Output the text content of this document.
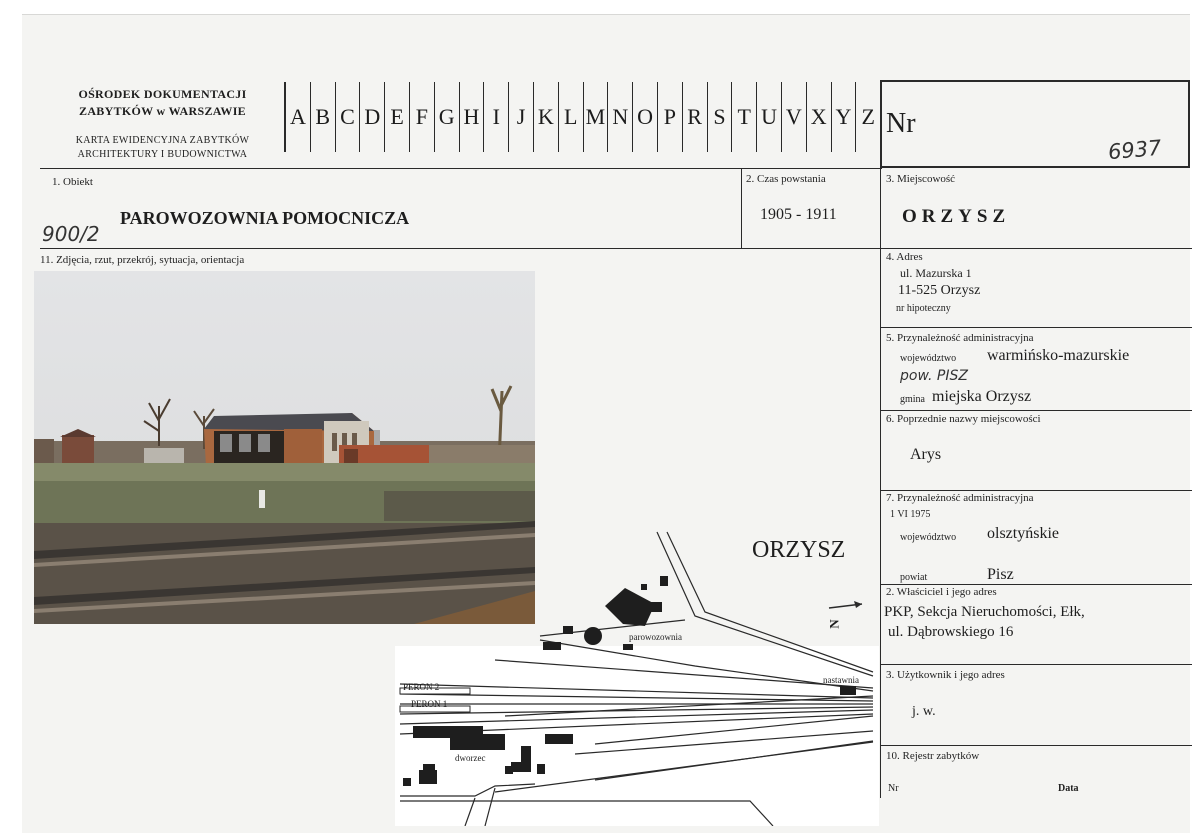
OŚRODEK DOKUMENTACJI
ZABYTKÓW w WARSZAWIE
KARTA EWIDENCYJNA ZABYTKÓW
ARCHITEKTURY I BUDOWNICTWA
A B C D E F G H I J K L M N O P R S T U V X Y Z Nr
6937
1. Obiekt
900/2
PAROWOZOWNIA POMOCNICZA
2. Czas powstania
1905 - 1911
3. Miejscowość
ORZYSZ
11. Zdjęcia, rzut, przekrój, sytuacja, orientacja	4. Adres
ul. Mazurska 1
11-525 Orzysz
nr hipoteczny
5. Przynależność administracyjna
województwo warmińsko-mazurskie
pow. PISZ
gmina miejska Orzysz
6. Poprzednie nazwy miejscowości
Arys
7. Przynależność administracyjna
1 VI 1975
województwo olsztyńskie
powiat	Pisz
2. Właściciel i jego adres
PKP, Sekcja Nieruchomości, Ełk,
ul. Dąbrowskiego 16
3. Użytkownik i jego adres
j. w.
10. Rejestr zabytków
Nr	Data
ORZYSZ
parowozownia
nastawnia
PERON 2
PERON 1
dworzec
N
